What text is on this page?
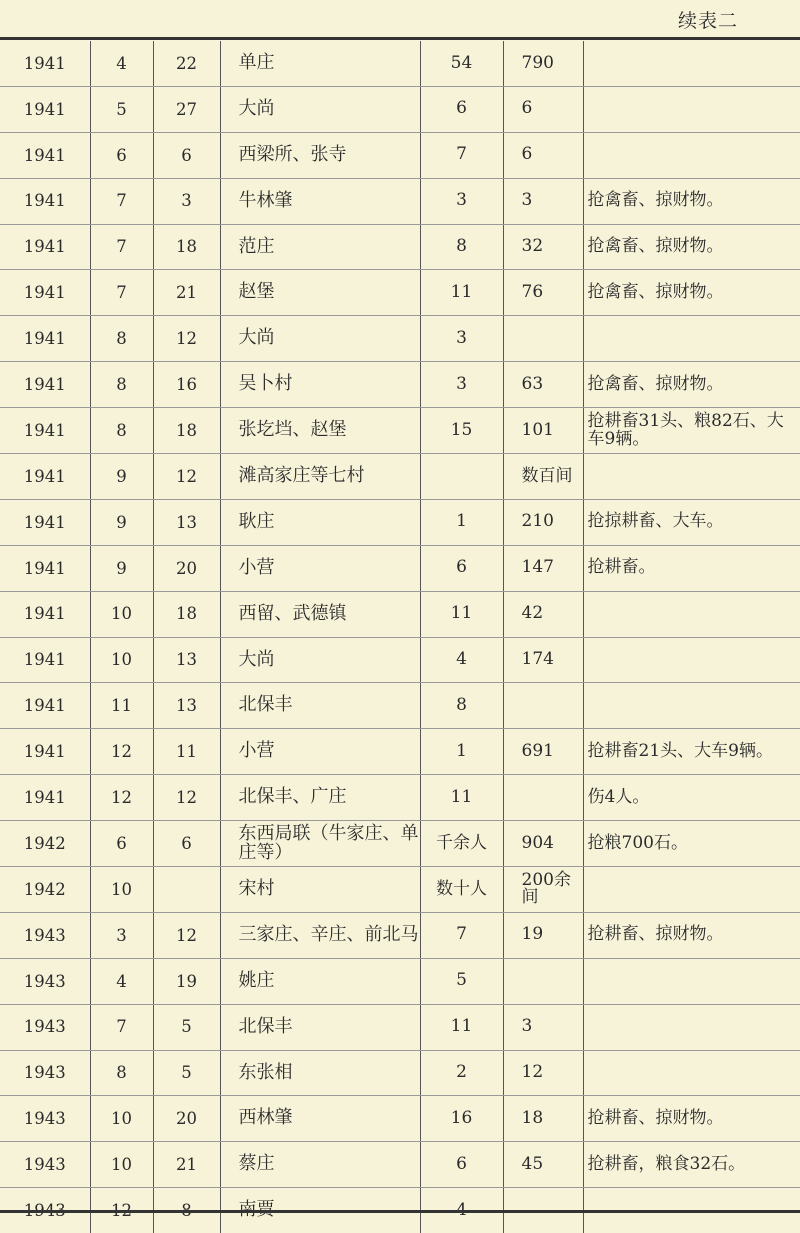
续表二
1941	4	22	单庄	54	790	
1941	5	27	大尚	6	6	
1941	6	6	西梁所、张寺	7	6	
1941	7	3	牛林肇	3	3	抢禽畜、掠财物。
1941	7	18	范庄	8	32	抢禽畜、掠财物。
1941	7	21	赵堡	11	76	抢禽畜、掠财物。
1941	8	12	大尚	3		
1941	8	16	吴卜村	3	63	抢禽畜、掠财物。
1941	8	18	张圪垱、赵堡	15	101	抢耕畜31头、粮82石、大车9辆。
1941	9	12	滩高家庄等七村		数百间	
1941	9	13	耿庄	1	210	抢掠耕畜、大车。
1941	9	20	小营	6	147	抢耕畜。
1941	10	18	西留、武德镇	11	42	
1941	10	13	大尚	4	174	
1941	11	13	北保丰	8		
1941	12	11	小营	1	691	抢耕畜21头、大车9辆。
1941	12	12	北保丰、广庄	11		伤4人。
1942	6	6	东西局联（牛家庄、单庄等）	千余人	904	抢粮700石。
1942	10		宋村	数十人	200余间	
1943	3	12	三家庄、辛庄、前北马	7	19	抢耕畜、掠财物。
1943	4	19	姚庄	5		
1943	7	5	北保丰	11	3	
1943	8	5	东张相	2	12	
1943	10	20	西林肇	16	18	抢耕畜、掠财物。
1943	10	21	蔡庄	6	45	抢耕畜，粮食32石。
1943	12	8	南贾	4		
